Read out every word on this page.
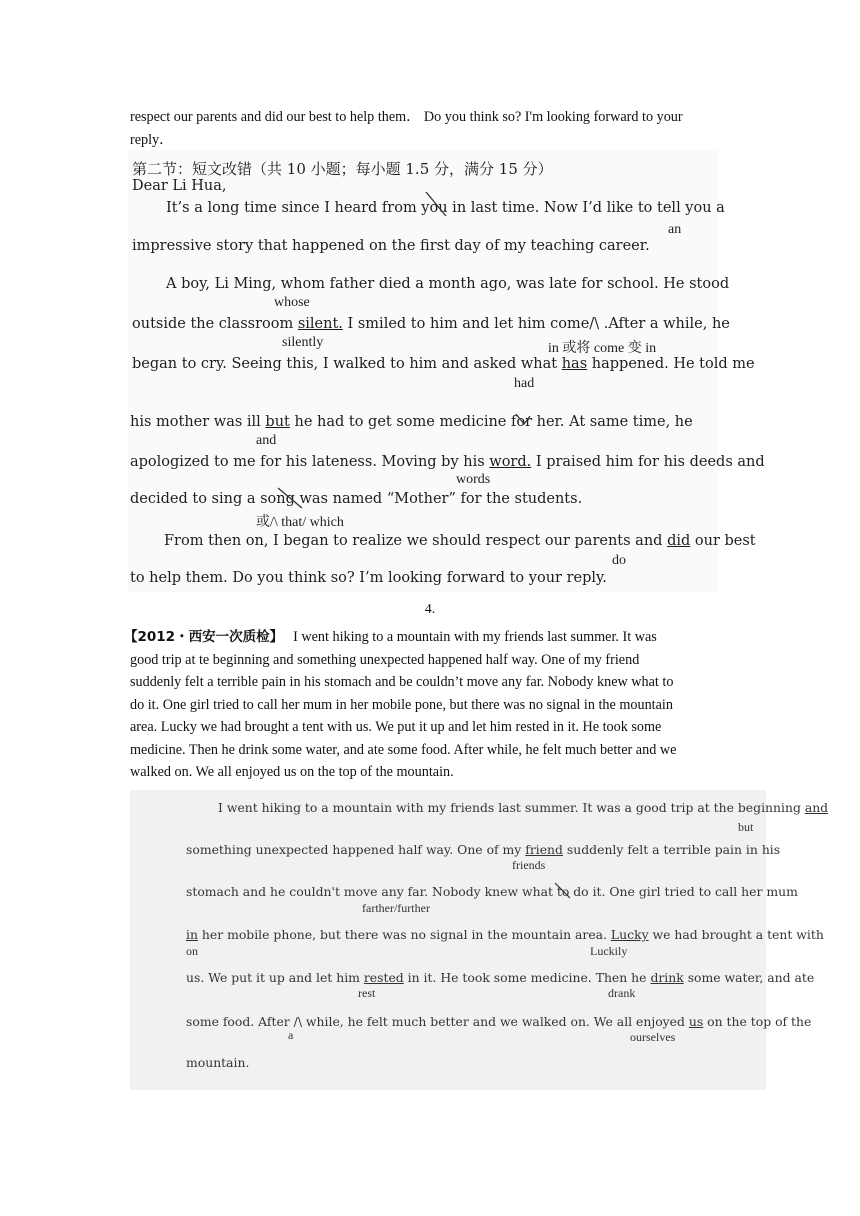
respect our parents and did our best to help them． Do you think so? I'm looking forward to your
reply．
第二节：短文改错（共 10 小题；每小题 1.5 分，满分 15 分）
Dear Li Hua,
It’s a long time since I heard from you in last time. Now I’d like to tell you a
an
impressive story that happened on the first day of my teaching career.
A boy, Li Ming, whom father died a month ago, was late for school. He stood
whose
outside the classroom silent. I smiled to him and let him come/\ .After a while, he
silently	in 或将 come 变 in
began to cry. Seeing this, I walked to him and asked what has happened. He told me
had
his mother was ill but he had to get some medicine for her. At same time, he
and
apologized to me for his lateness. Moving by his word. I praised him for his deeds and
words
decided to sing a song was named “Mother” for the students.
或/\ that/ which
From then on, I began to realize we should respect our parents and did our best
do
to help them. Do you think so? I’m looking forward to your reply.
4.
【2012・西安一次质检】 I went hiking to a mountain with my friends last summer. It was
good trip at te beginning and something unexpected happened half way. One of my friend
suddenly felt a terrible pain in his stomach and be couldn’t move any far. Nobody knew what to
do it. One girl tried to call her mum in her mobile pone, but there was no signal in the mountain
area. Lucky we had brought a tent with us. We put it up and let him rested in it. He took some
medicine. Then he drink some water, and ate some food. After while, he felt much better and we
walked on. We all enjoyed us on the top of the mountain.
I went hiking to a mountain with my friends last summer. It was a good trip at the beginning and
but
something unexpected happened half way. One of my friend suddenly felt a terrible pain in his
friends
stomach and he couldn't move any far. Nobody knew what to do it. One girl tried to call her mum
farther/further
in her mobile phone, but there was no signal in the mountain area. Lucky we had brought a tent with
on	Luckily
us. We put it up and let him rested in it. He took some medicine. Then he drink some water, and ate
rest	drank
some food. After /\ while, he felt much better and we walked on. We all enjoyed us on the top of the
a	ourselves
mountain.
